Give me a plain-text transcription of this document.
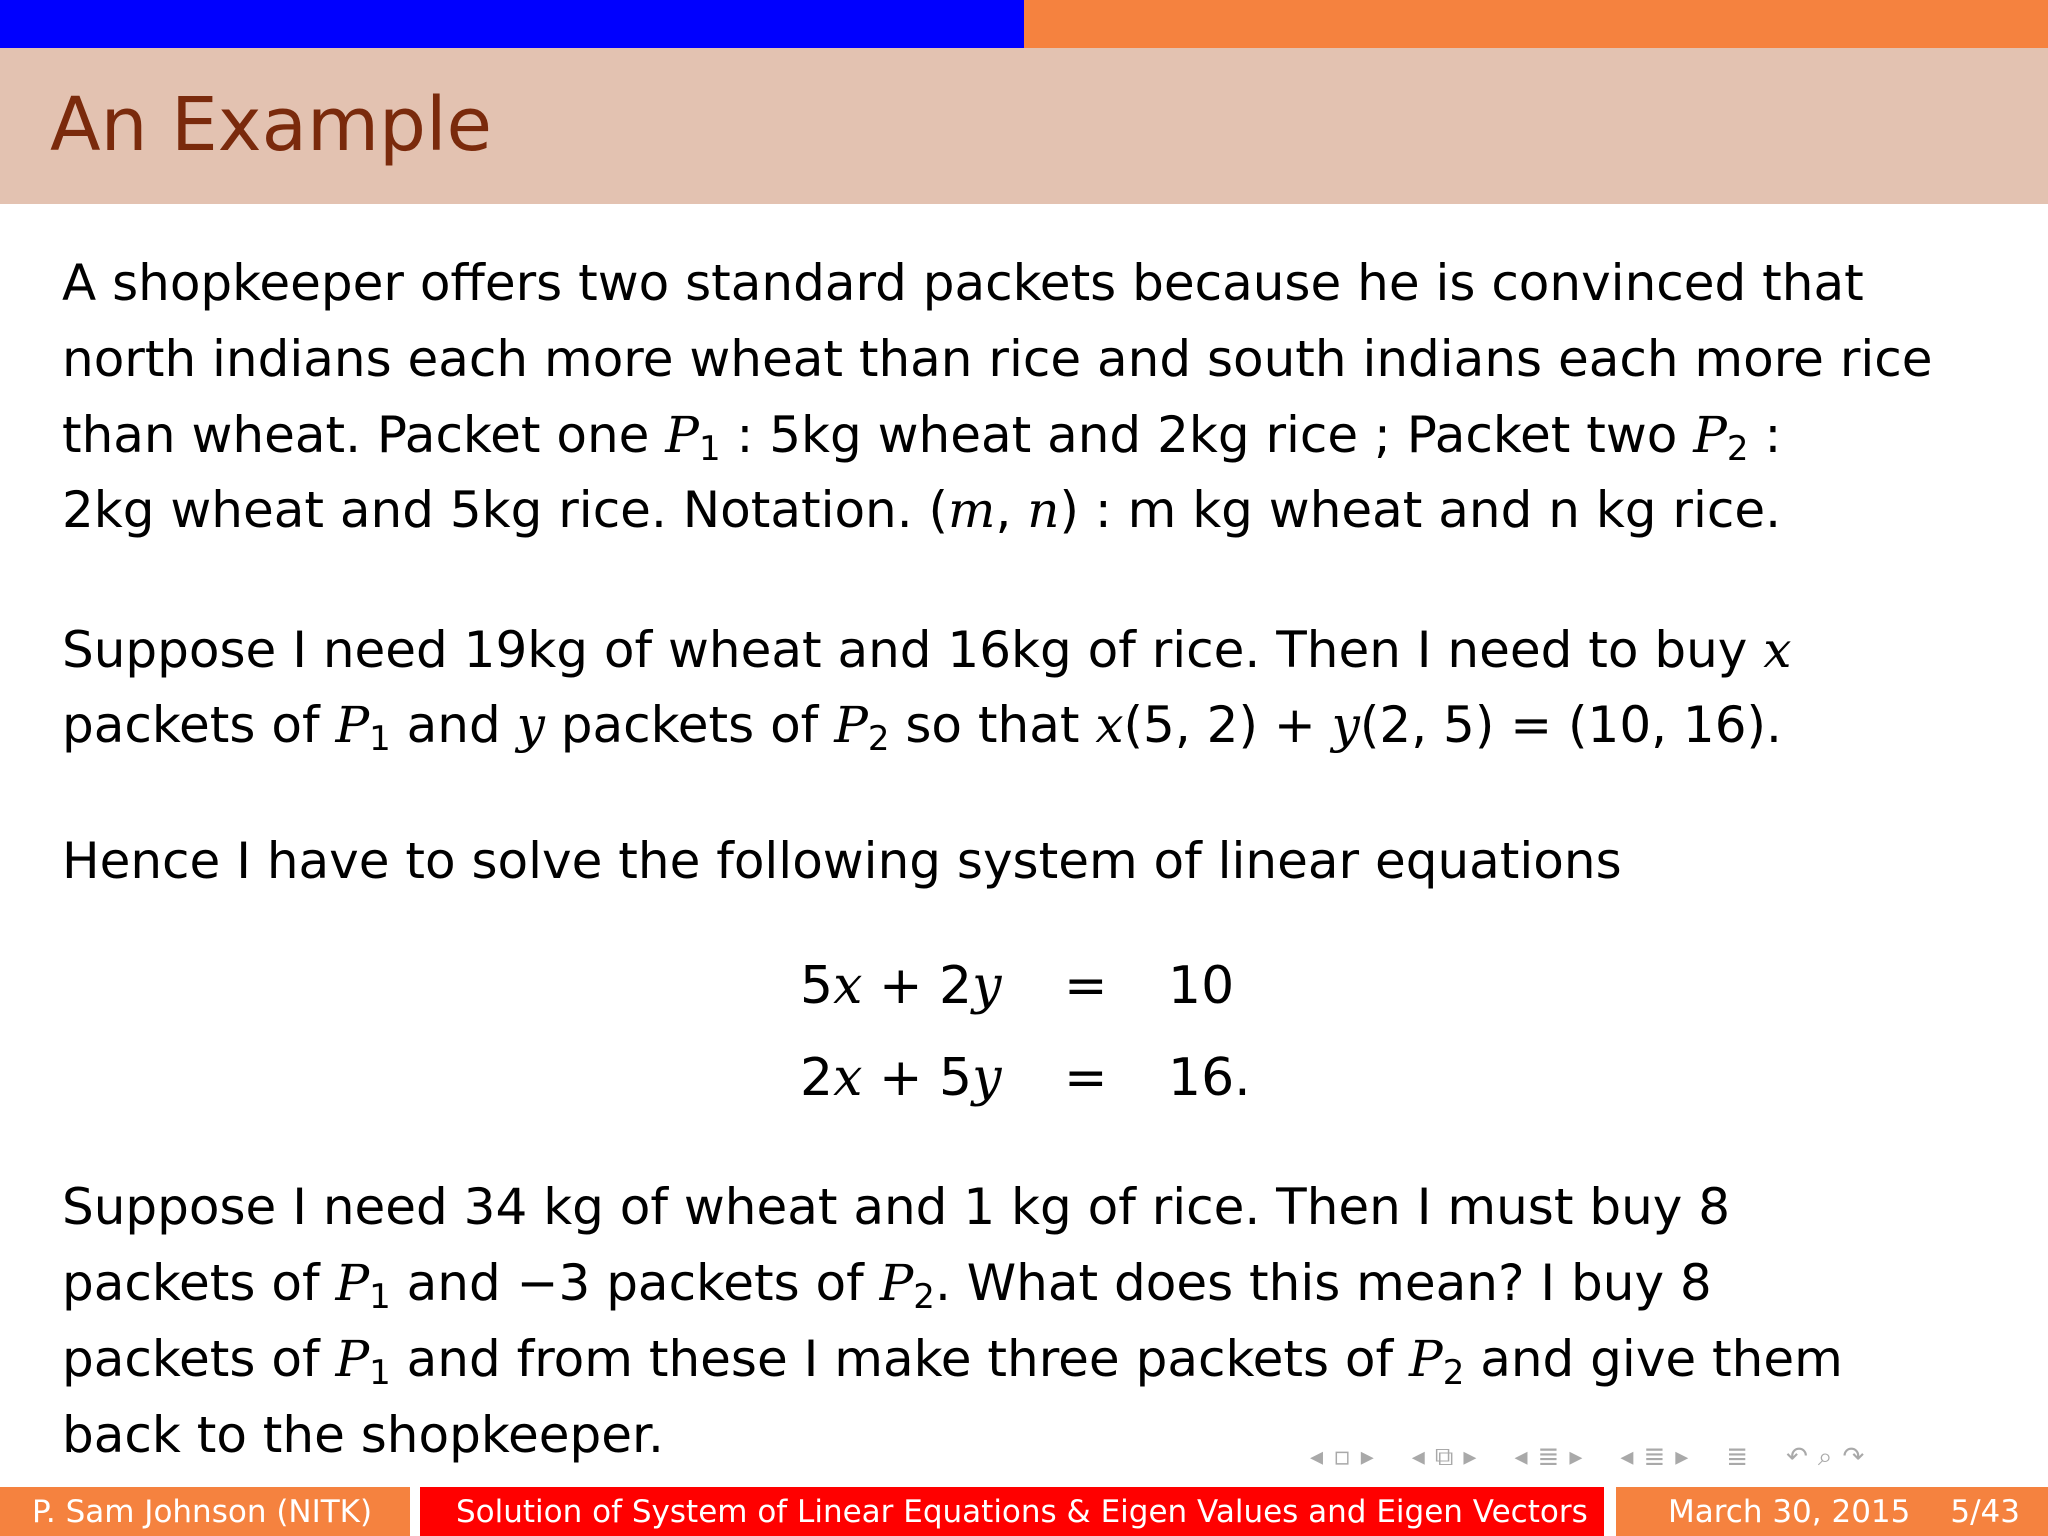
An Example
A shopkeeper offers two standard packets because he is convinced that
north indians each more wheat than rice and south indians each more rice
than wheat. Packet one $P_1$ : 5kg wheat and 2kg rice ; Packet two $P_2$ :
2kg wheat and 5kg rice. Notation. (m, n) : m kg wheat and n kg rice.
Suppose I need 19kg of wheat and 16kg of rice. Then I need to buy x
packets of $P_1$ and y packets of $P_2$ so that x(5, 2) + y(2, 5) = (10, 16).
Hence I have to solve the following system of linear equations
Suppose I need 34 kg of wheat and 1 kg of rice. Then I must buy 8
packets of $P_1$ and −3 packets of $P_2$. What does this mean? I buy 8
packets of $P_1$ and from these I make three packets of $P_2$ and give them
back to the shopkeeper.
5x + 2y = 10
2x + 5y = 16.
◂ ▫ ▸ ◂ ⧉ ▸ ◂ ≣ ▸ ◂ ≣ ▸ ≣ ↶ ⌕ ↷
P. Sam Johnson (NITK)	Solution of System of Linear Equations & Eigen Values and Eigen Vectors	March 30, 2015 5/43
